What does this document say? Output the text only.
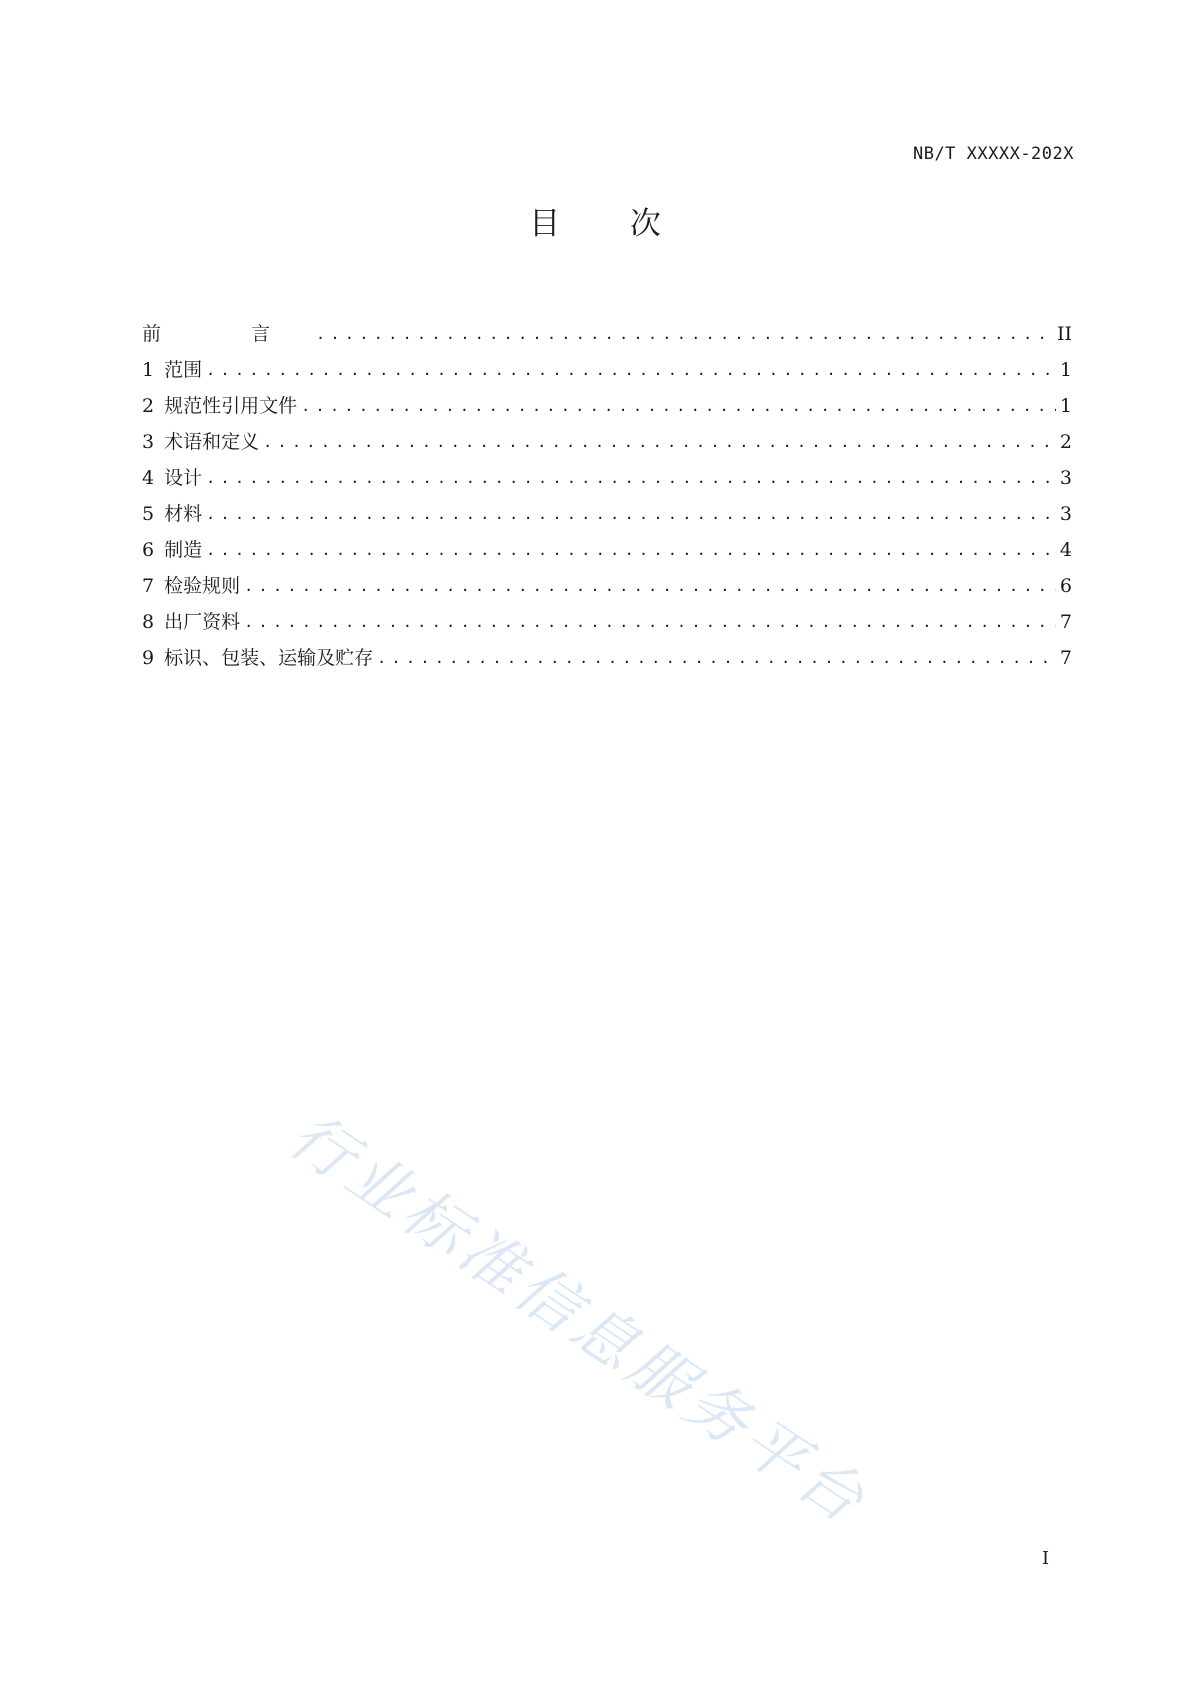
NB/T XXXXX-202X
目 次
前 言 .....	II
1 范围 .....	1
2 规范性引用文件 .....	1
3 术语和定义 .....	2
4 设计 .....	3
5 材料 .....	3
6 制造 .....	4
7 检验规则 .....	6
8 出厂资料 .....	7
9 标识、包装、运输及贮存 .....	7
行业标准信息服务平台
I
